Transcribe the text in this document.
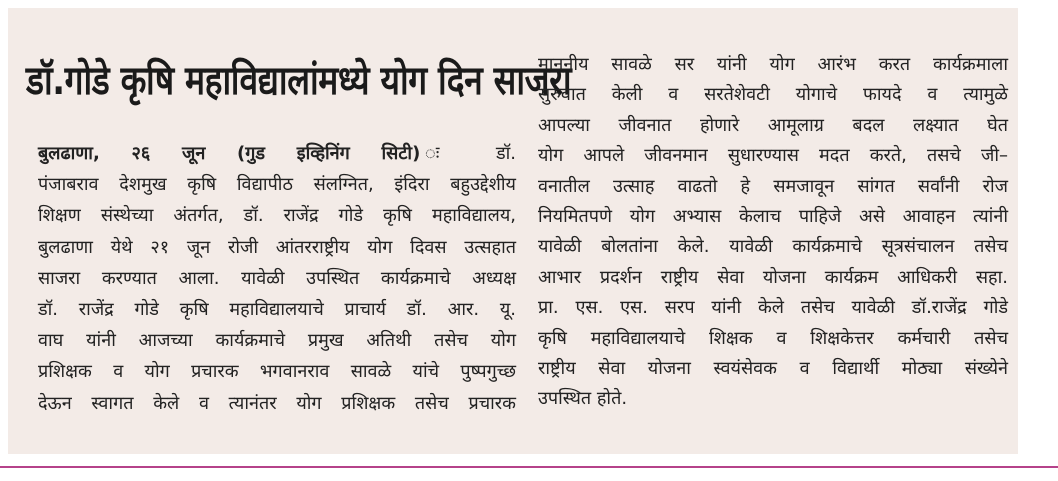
डॉ.गोडे कृषि महाविद्यालांमध्ये योग दिन साजरा
बुलढाणा, २६ जून (गुड इव्हिनिंग सिटी) ः डॉ.
पंजाबराव देशमुख कृषि विद्यापीठ संलग्नित, इंदिरा बहुउद्देशीय
शिक्षण संस्थेच्या अंतर्गत, डॉ. राजेंद्र गोडे कृषि महाविद्यालय,
बुलढाणा येथे २१ जून रोजी आंतरराष्ट्रीय योग दिवस उत्सहात
साजरा करण्यात आला. यावेळी उपस्थित कार्यक्रमाचे अध्यक्ष
डॉ. राजेंद्र गोडे कृषि महाविद्यालयाचे प्राचार्य डॉ. आर. यू.
वाघ यांनी आजच्या कार्यक्रमाचे प्रमुख अतिथी तसेच योग
प्रशिक्षक व योग प्रचारक भगवानराव सावळे यांचे पुष्पगुच्छ
देऊन स्वागत केले व त्यानंतर योग प्रशिक्षक तसेच प्रचारक
माननीय सावळे सर यांनी योग आरंभ करत कार्यक्रमाला
सुरुवात केली व सरतेशेवटी योगाचे फायदे व त्यामुळे
आपल्या जीवनात होणारे आमूलाग्र बदल लक्ष्यात घेत
योग आपले जीवनमान सुधारण्यास मदत करते, तसचे जी–
वनातील उत्साह वाढतो हे समजावून सांगत सर्वांनी रोज
नियमितपणे योग अभ्यास केलाच पाहिजे असे आवाहन त्यांनी
यावेळी बोलतांना केले. यावेळी कार्यक्रमाचे सूत्रसंचालन तसेच
आभार प्रदर्शन राष्ट्रीय सेवा योजना कार्यक्रम आधिकरी सहा.
प्रा. एस. एस. सरप यांनी केले तसेच यावेळी डॉ.राजेंद्र गोडे
कृषि महाविद्यालयाचे शिक्षक व शिक्षकेत्तर कर्मचारी तसेच
राष्ट्रीय सेवा योजना स्वयंसेवक व विद्यार्थी मोठ्या संख्येने
उपस्थित होते.
